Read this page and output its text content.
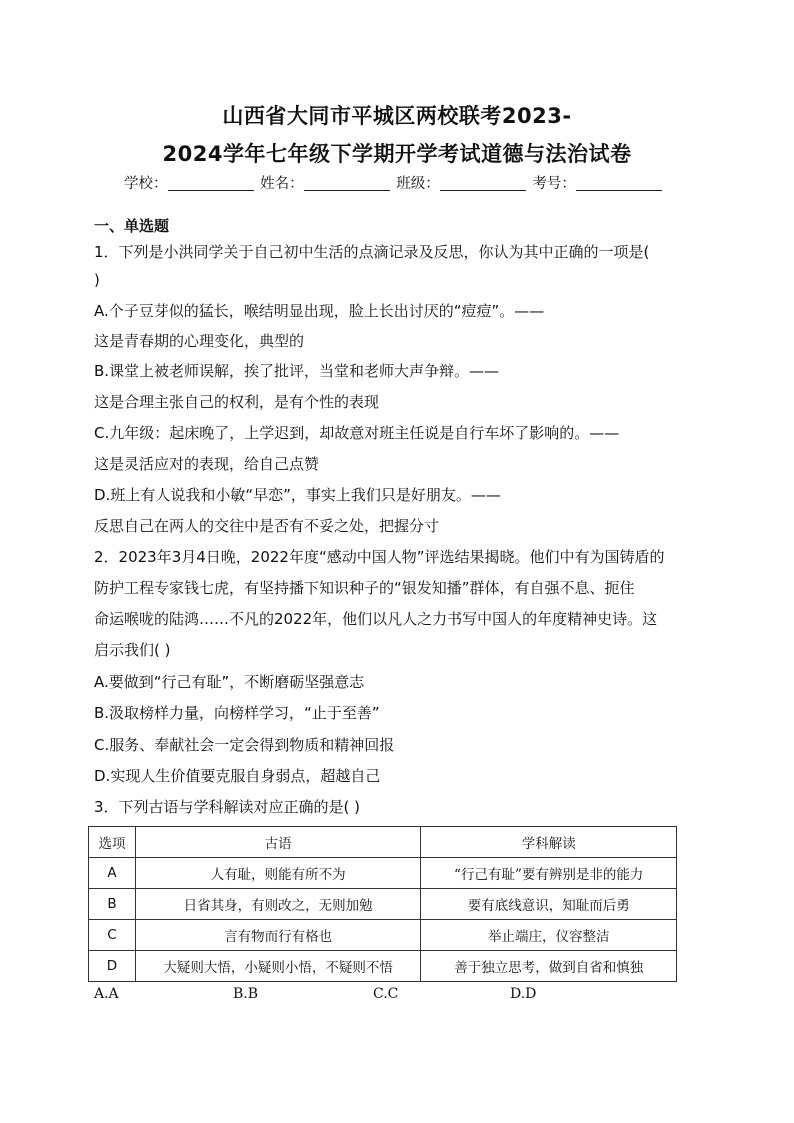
山西省大同市平城区两校联考2023-
2024学年七年级下学期开学考试道德与法治试卷
学校：	姓名：	班级：	考号：
一、单选题
1．下列是小洪同学关于自己初中生活的点滴记录及反思，你认为其中正确的一项是(
)
A.个子豆芽似的猛长，喉结明显出现，脸上长出讨厌的“痘痘”。——
这是青春期的心理变化，典型的
B.课堂上被老师误解，挨了批评，当堂和老师大声争辩。——
这是合理主张自己的权利，是有个性的表现
C.九年级：起床晚了，上学迟到，却故意对班主任说是自行车坏了影响的。——
这是灵活应对的表现，给自己点赞
D.班上有人说我和小敏“早恋”，事实上我们只是好朋友。——
反思自己在两人的交往中是否有不妥之处，把握分寸
2．2023年3月4日晚，2022年度“感动中国人物”评选结果揭晓。他们中有为国铸盾的
防护工程专家钱七虎，有坚持播下知识种子的“银发知播”群体，有自强不息、扼住
命运喉咙的陆鸿……不凡的2022年，他们以凡人之力书写中国人的年度精神史诗。这
启示我们( )
A.要做到“行己有耻”，不断磨砺坚强意志
B.汲取榜样力量，向榜样学习，“止于至善”
C.服务、奉献社会一定会得到物质和精神回报
D.实现人生价值要克服自身弱点，超越自己
3．下列古语与学科解读对应正确的是( )
选项	古语	学科解读
A	人有耻，则能有所不为	“行己有耻”要有辨别是非的能力
B	日省其身，有则改之，无则加勉	要有底线意识，知耻而后勇
C	言有物而行有格也	举止端庄，仪容整洁
D	大疑则大悟，小疑则小悟，不疑则不悟	善于独立思考，做到自省和慎独
A.A	B.B	C.C	D.D
